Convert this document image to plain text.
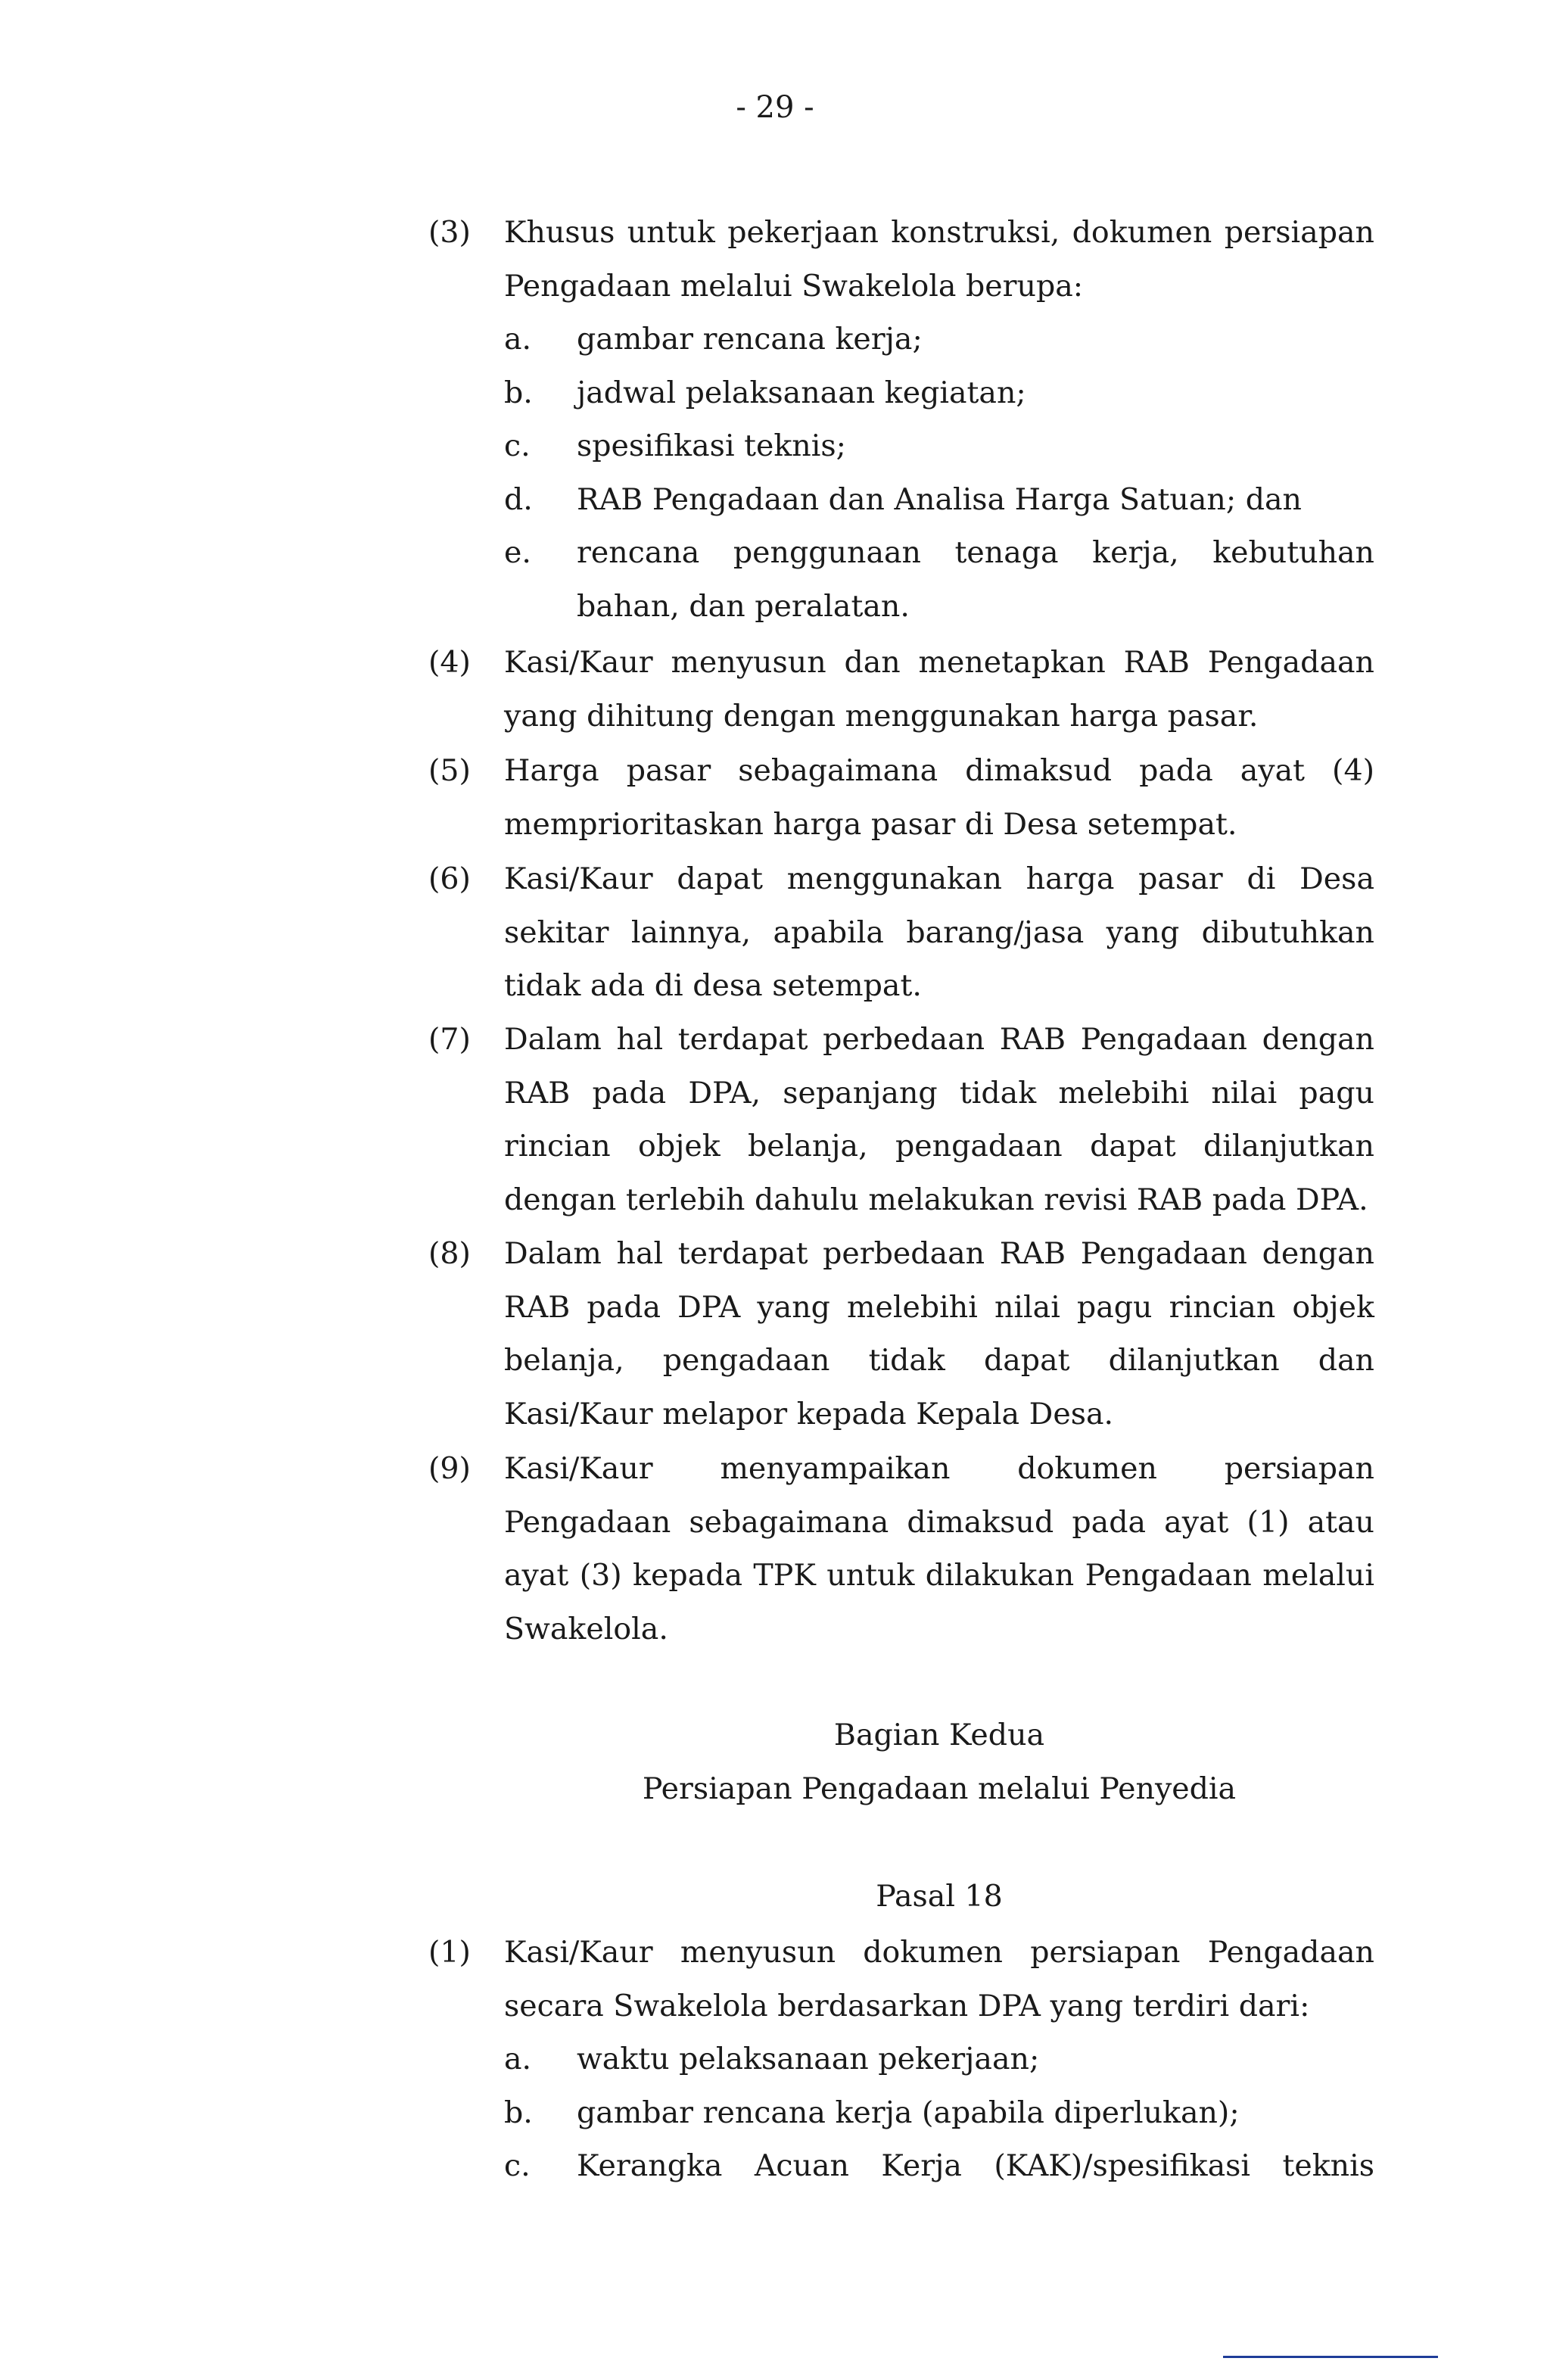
- 29 -
(3)	Khusus untuk pekerjaan konstruksi, dokumen persiapan Pengadaan melalui Swakelola berupa:
a.	gambar rencana kerja;
b.	jadwal pelaksanaan kegiatan;
c.	spesifikasi teknis;
d.	RAB Pengadaan dan Analisa Harga Satuan; dan
e.	rencana penggunaan tenaga kerja, kebutuhan bahan, dan peralatan.
(4)	Kasi/Kaur menyusun dan menetapkan RAB Pengadaan yang dihitung dengan menggunakan harga pasar.
(5)	Harga pasar sebagaimana dimaksud pada ayat (4) memprioritaskan harga pasar di Desa setempat.
(6)	Kasi/Kaur dapat menggunakan harga pasar di Desa sekitar lainnya, apabila barang/jasa yang dibutuhkan tidak ada di desa setempat.
(7)	Dalam hal terdapat perbedaan RAB Pengadaan dengan RAB pada DPA, sepanjang tidak melebihi nilai pagu rincian objek belanja, pengadaan dapat dilanjutkan dengan terlebih dahulu melakukan revisi RAB pada DPA.
(8)	Dalam hal terdapat perbedaan RAB Pengadaan dengan RAB pada DPA yang melebihi nilai pagu rincian objek belanja, pengadaan tidak dapat dilanjutkan dan Kasi/Kaur melapor kepada Kepala Desa.
(9)	Kasi/Kaur menyampaikan dokumen persiapan Pengadaan sebagaimana dimaksud pada ayat (1) atau ayat (3) kepada TPK untuk dilakukan Pengadaan melalui Swakelola.
Bagian Kedua
Persiapan Pengadaan melalui Penyedia
Pasal 18
(1)	Kasi/Kaur menyusun dokumen persiapan Pengadaan secara Swakelola berdasarkan DPA yang terdiri dari:
a.	waktu pelaksanaan pekerjaan;
b.	gambar rencana kerja (apabila diperlukan);
c.	Kerangka Acuan Kerja (KAK)/spesifikasi teknis
